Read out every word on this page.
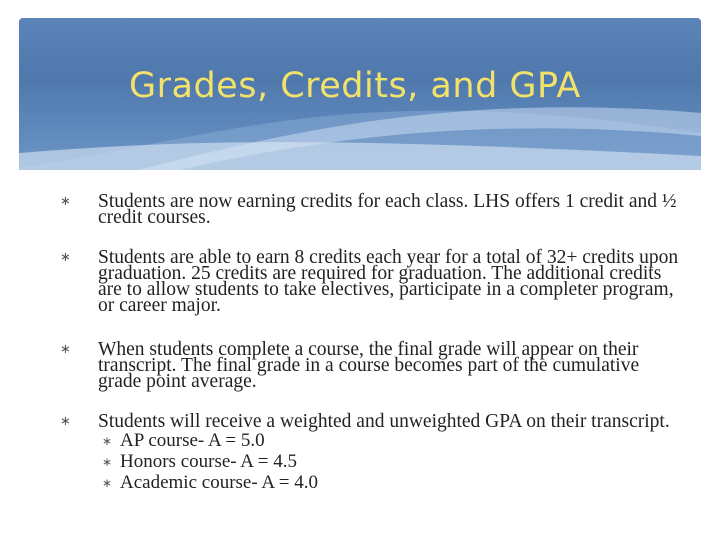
Grades, Credits, and GPA
∗	Students are now earning credits for each class. LHS offers 1 credit and ½ credit courses.
∗	Students are able to earn 8 credits each year for a total of 32+ credits upon graduation. 25 credits are required for graduation. The additional credits are to allow students to take electives, participate in a completer program, or career major.
∗	When students complete a course, the final grade will appear on their transcript. The final grade in a course becomes part of the cumulative grade point average.
∗	Students will receive a weighted and unweighted GPA on their transcript.
∗ AP course- A = 5.0
∗ Honors course- A = 4.5
∗ Academic course- A = 4.0
